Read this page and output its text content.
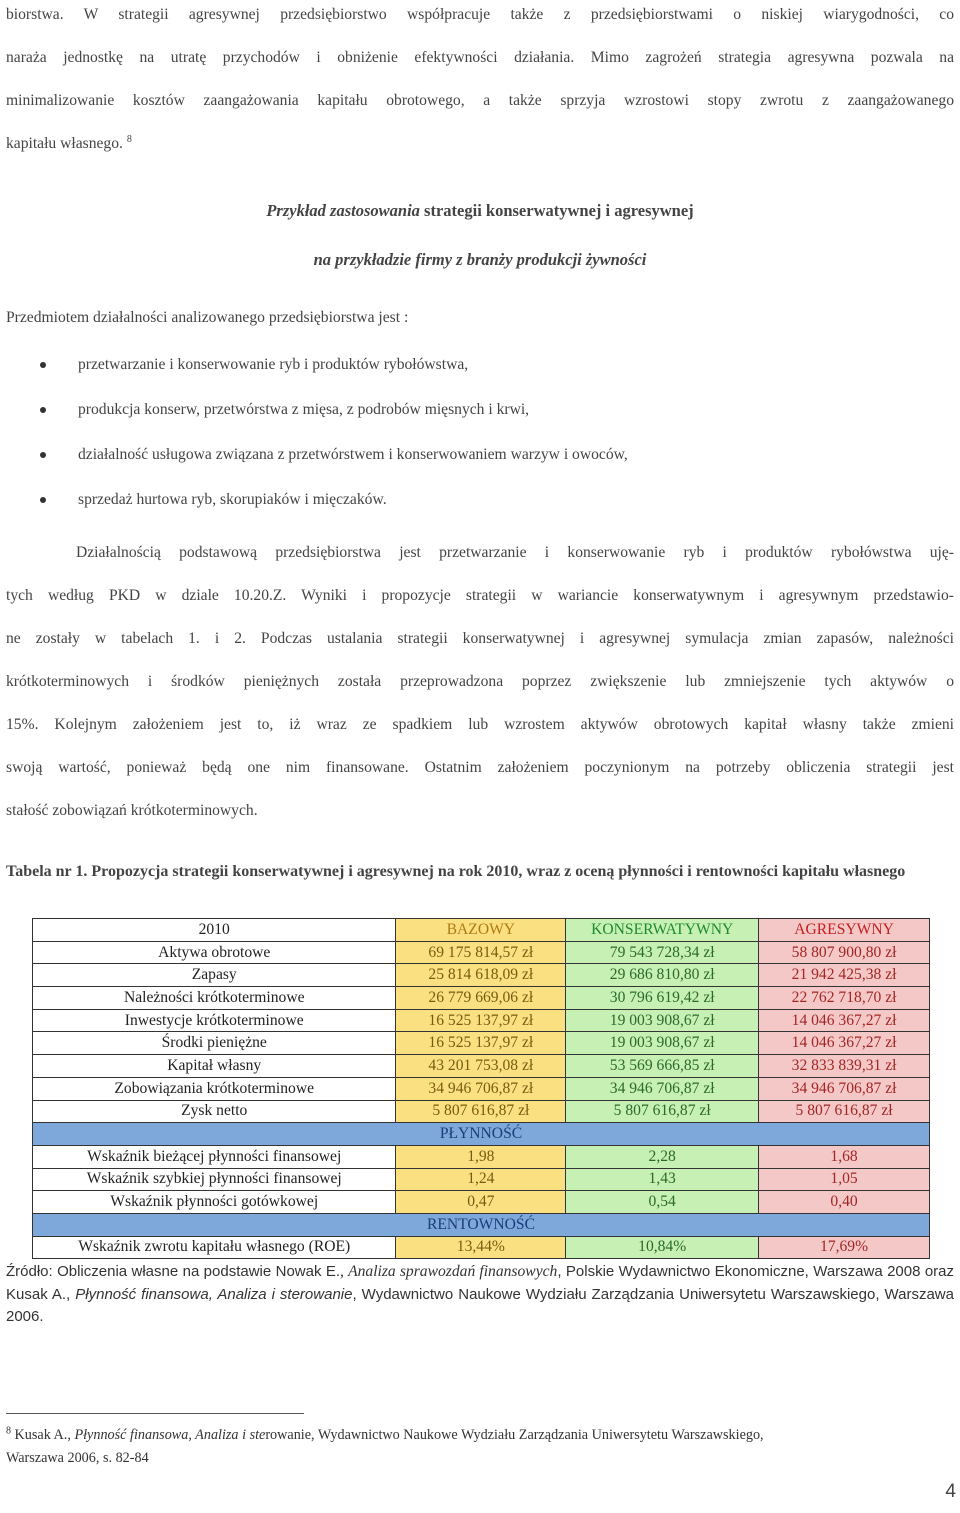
biorstwa. W strategii agresywnej przedsiębiorstwo współpracuje także z przedsiębiorstwami o niskiej wiarygodności, co
naraża jednostkę na utratę przychodów i obniżenie efektywności działania. Mimo zagrożeń strategia agresywna pozwala na
minimalizowanie kosztów zaangażowania kapitału obrotowego, a także sprzyja wzrostowi stopy zwrotu z zaangażowanego
kapitału własnego. $^8$

Przykład zastosowania strategii konserwatywnej i agresywnej

na przykładzie firmy z branży produkcji żywności

Przedmiotem działalności analizowanego przedsiębiorstwa jest :

przetwarzanie i konserwowanie ryb i produktów rybołówstwa,
produkcja konserw, przetwórstwa z mięsa, z podrobów mięsnych i krwi,
działalność usługowa związana z przetwórstwem i konserwowaniem warzyw i owoców,
sprzedaż hurtowa ryb, skorupiaków i mięczaków.
Działalnością podstawową przedsiębiorstwa jest przetwarzanie i konserwowanie ryb i produktów rybołówstwa uję-
tych według PKD w dziale 10.20.Z. Wyniki i propozycje strategii w wariancie konserwatywnym i agresywnym przedstawio-
ne zostały w tabelach 1. i 2. Podczas ustalania strategii konserwatywnej i agresywnej symulacja zmian zapasów, należności
krótkoterminowych i środków pieniężnych została przeprowadzona poprzez zwiększenie lub zmniejszenie tych aktywów o
15%. Kolejnym założeniem jest to, iż wraz ze spadkiem lub wzrostem aktywów obrotowych kapitał własny także zmieni
swoją wartość, ponieważ będą one nim finansowane. Ostatnim założeniem poczynionym na potrzeby obliczenia strategii jest
stałość zobowiązań krótkoterminowych.

Tabela nr 1. Propozycja strategii konserwatywnej i agresywnej na rok 2010, wraz z oceną płynności i rentowności kapitału własnego

2010	BAZOWY	KONSERWATYWNY	AGRESYWNY
Aktywa obrotowe	69 175 814,57 zł	79 543 728,34 zł	58 807 900,80 zł
Zapasy	25 814 618,09 zł	29 686 810,80 zł	21 942 425,38 zł
Należności krótkoterminowe	26 779 669,06 zł	30 796 619,42 zł	22 762 718,70 zł
Inwestycje krótkoterminowe	16 525 137,97 zł	19 003 908,67 zł	14 046 367,27 zł
Środki pieniężne	16 525 137,97 zł	19 003 908,67 zł	14 046 367,27 zł
Kapitał własny	43 201 753,08 zł	53 569 666,85 zł	32 833 839,31 zł
Zobowiązania krótkoterminowe	34 946 706,87 zł	34 946 706,87 zł	34 946 706,87 zł
Zysk netto	5 807 616,87 zł	5 807 616,87 zł	5 807 616,87 zł
PŁYNNOŚĆ			
Wskaźnik bieżącej płynności finansowej	1,98	2,28	1,68
Wskaźnik szybkiej płynności finansowej	1,24	1,43	1,05
Wskaźnik płynności gotówkowej	0,47	0,54	0,40
RENTOWNOŚĆ			
Wskaźnik zwrotu kapitału własnego (ROE)	13,44%	10,84%	17,69%

Źródło: Obliczenia własne na podstawie Nowak E., Analiza sprawozdań finansowych, Polskie Wydawnictwo Ekonomiczne, Warszawa 2008 oraz Kusak A., Płynność finansowa, Analiza i sterowanie, Wydawnictwo Naukowe Wydziału Zarządzania Uniwersytetu Warszawskiego, Warszawa 2006.

$^8$ Kusak A., Płynność finansowa, Analiza i sterowanie, Wydawnictwo Naukowe Wydziału Zarządzania Uniwersytetu Warszawskiego,
Warszawa 2006, s. 82-84

4
